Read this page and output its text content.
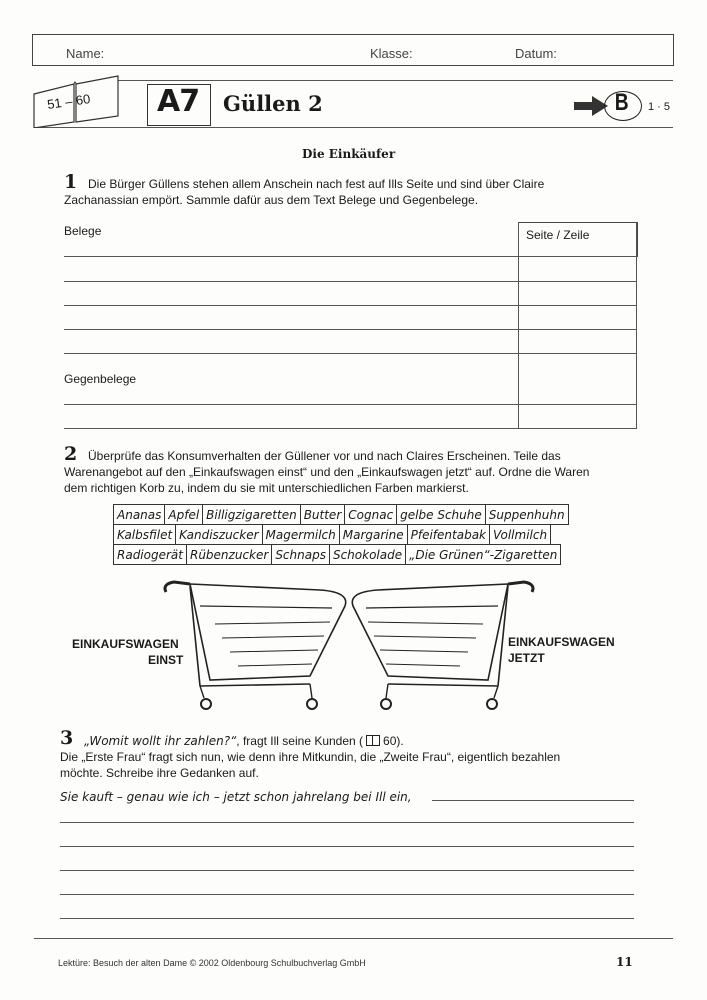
Name:	Klasse:	Datum:
51 – 60 A7 Güllen 2	B 1 · 5
Die Einkäufer
1 Die Bürger Güllens stehen allem Anschein nach fest auf Ills Seite und sind über Claire
Zachanassian empört. Sammle dafür aus dem Text Belege und Gegenbelege.
Belege	Seite / Zeile
Gegenbelege
2 Überprüfe das Konsumverhalten der Güllener vor und nach Claires Erscheinen. Teile das
Warenangebot auf den „Einkaufswagen einst“ und den „Einkaufswagen jetzt“ auf. Ordne die Waren
dem richtigen Korb zu, indem du sie mit unterschiedlichen Farben markierst.
Ananas	Apfel	Billigzigaretten	Butter	Cognac	gelbe Schuhe	Suppenhuhn
Kalbsfilet	Kandiszucker	Magermilch	Margarine	Pfeifentabak	Vollmilch
Radiogerät	Rübenzucker	Schnaps	Schokolade	„Die Grünen“-Zigaretten
EINKAUFSWAGEN
EINST
EINKAUFSWAGEN
JETZT
3 „Womit wollt ihr zahlen?“, fragt Ill seine Kunden ( 60).
Die „Erste Frau“ fragt sich nun, wie denn ihre Mitkundin, die „Zweite Frau“, eigentlich bezahlen
möchte. Schreibe ihre Gedanken auf.
Sie kauft – genau wie ich – jetzt schon jahrelang bei Ill ein,
Lektüre: Besuch der alten Dame © 2002 Oldenbourg Schulbuchverlag GmbH	11
